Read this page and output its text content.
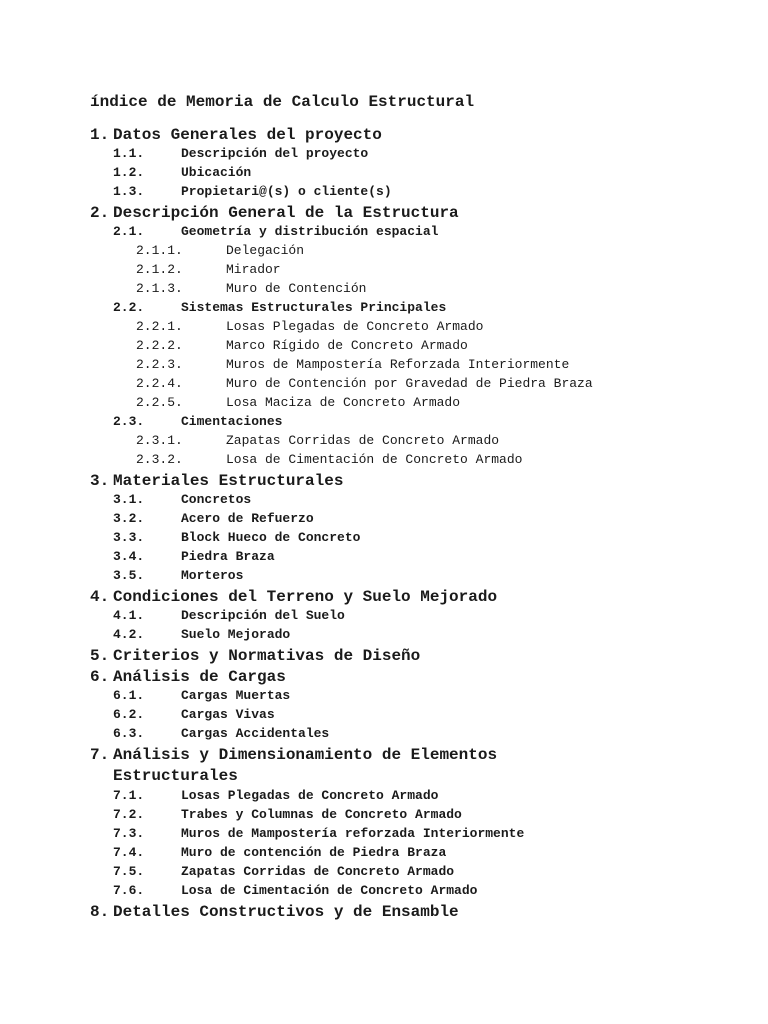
índice de Memoria de Calculo Estructural
1. Datos Generales del proyecto
1.1.	Descripción del proyecto
1.2.	Ubicación
1.3.	Propietari@(s) o cliente(s)
2. Descripción General de la Estructura
2.1.	Geometría y distribución espacial
2.1.1.	Delegación
2.1.2.	Mirador
2.1.3.	Muro de Contención
2.2.	Sistemas Estructurales Principales
2.2.1.	Losas Plegadas de Concreto Armado
2.2.2.	Marco Rígido de Concreto Armado
2.2.3.	Muros de Mampostería Reforzada Interiormente
2.2.4.	Muro de Contención por Gravedad de Piedra Braza
2.2.5.	Losa Maciza de Concreto Armado
2.3.	Cimentaciones
2.3.1.	Zapatas Corridas de Concreto Armado
2.3.2.	Losa de Cimentación de Concreto Armado
3. Materiales Estructurales
3.1.	Concretos
3.2.	Acero de Refuerzo
3.3.	Block Hueco de Concreto
3.4.	Piedra Braza
3.5.	Morteros
4. Condiciones del Terreno y Suelo Mejorado
4.1.	Descripción del Suelo
4.2.	Suelo Mejorado
5. Criterios y Normativas de Diseño
6. Análisis de Cargas
6.1.	Cargas Muertas
6.2.	Cargas Vivas
6.3.	Cargas Accidentales
7. Análisis y Dimensionamiento de Elementos
Estructurales
7.1.	Losas Plegadas de Concreto Armado
7.2.	Trabes y Columnas de Concreto Armado
7.3.	Muros de Mampostería reforzada Interiormente
7.4.	Muro de contención de Piedra Braza
7.5.	Zapatas Corridas de Concreto Armado
7.6.	Losa de Cimentación de Concreto Armado
8. Detalles Constructivos y de Ensamble
